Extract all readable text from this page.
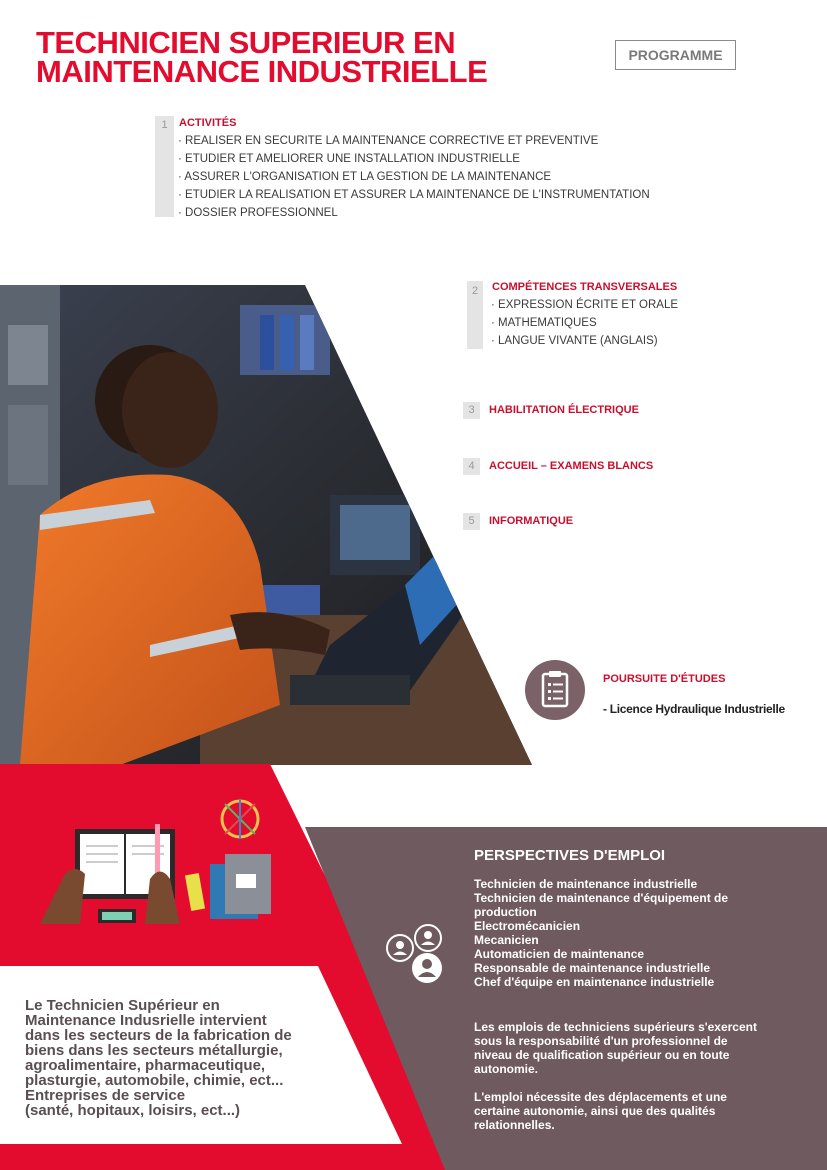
TECHNICIEN SUPERIEUR EN
MAINTENANCE INDUSTRIELLE	PROGRAMME
1	ACTIVITÉS
· REALISER EN SECURITE LA MAINTENANCE CORRECTIVE ET PREVENTIVE
· ETUDIER ET AMELIORER UNE INSTALLATION INDUSTRIELLE
· ASSURER L'ORGANISATION ET LA GESTION DE LA MAINTENANCE
· ETUDIER LA REALISATION ET ASSURER LA MAINTENANCE DE L'INSTRUMENTATION
· DOSSIER PROFESSIONNEL
2	COMPÉTENCES TRANSVERSALES
· EXPRESSION ÉCRITE ET ORALE
· MATHEMATIQUES
· LANGUE VIVANTE (ANGLAIS)
3	HABILITATION ÉLECTRIQUE
4	ACCUEIL – EXAMENS BLANCS
5	INFORMATIQUE
POURSUITE D'ÉTUDES
- Licence Hydraulique Industrielle
Le Technicien Supérieur en
Maintenance Indusrielle intervient
dans les secteurs de la fabrication de
biens dans les secteurs métallurgie,
agroalimentaire, pharmaceutique,
plasturgie, automobile, chimie, ect...
Entreprises de service
(santé, hopitaux, loisirs, ect...)
PERSPECTIVES D'EMPLOI
Technicien de maintenance industrielle
Technicien de maintenance d'équipement de
production
Electromécanicien
Mecanicien
Automaticien de maintenance
Responsable de maintenance industrielle
Chef d'équipe en maintenance industrielle
Les emplois de techniciens supérieurs s'exercent
sous la responsabilité d'un professionnel de
niveau de qualification supérieur ou en toute
autonomie.
L'emploi nécessite des déplacements et une
certaine autonomie, ainsi que des qualités
relationnelles.
